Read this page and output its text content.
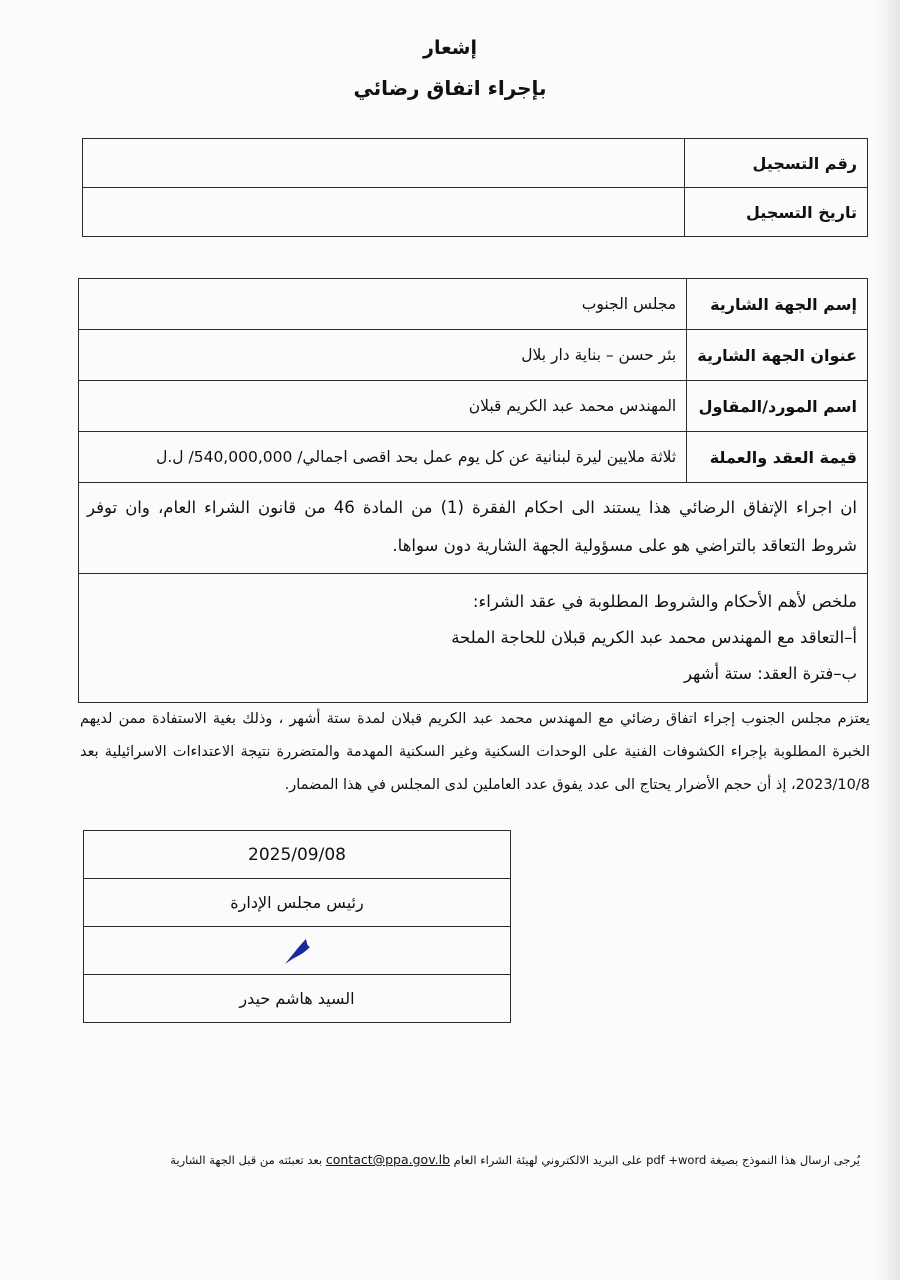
إشعار
بإجراء اتفاق رضائي
رقم التسجيل	
تاريخ التسجيل	
إسم الجهة الشارية	مجلس الجنوب
عنوان الجهة الشارية	بئر حسن – بناية دار بلال
اسم المورد/المقاول	المهندس محمد عبد الكريم قبلان
قيمة العقد والعملة	ثلاثة ملايين ليرة لبنانية عن كل يوم عمل بحد اقصى اجمالي/ 540,000,000/ ل.ل
ان اجراء الإتفاق الرضائي هذا يستند الى احكام الفقرة (1) من المادة 46 من قانون الشراء العام، وان توفر شروط التعاقد بالتراضي هو على مسؤولية الجهة الشارية دون سواها.	

ملخص لأهم الأحكام والشروط المطلوبة في عقد الشراء:
أ–التعاقد مع المهندس محمد عبد الكريم قبلان للحاجة الملحة
ب–فترة العقد: ستة أشهر	
يعتزم مجلس الجنوب إجراء اتفاق رضائي مع المهندس محمد عبد الكريم قبلان لمدة ستة أشهر ، وذلك بغية الاستفادة ممن لديهم الخبرة المطلوبة بإجراء الكشوفات الفنية على الوحدات السكنية وغير السكنية المهدمة والمتضررة نتيجة الاعتداءات الاسرائيلية بعد 2023/10/8، إذ أن حجم الأضرار يحتاج الى عدد يفوق عدد العاملين لدى المجلس في هذا المضمار.
2025/09/08
رئيس مجلس الإدارة

السيد هاشم حيدر
يُرجى ارسال هذا النموذج بصيغة pdf +word على البريد الالكتروني لهيئة الشراء العام contact@ppa.gov.lb بعد تعبئته من قبل الجهة الشارية
